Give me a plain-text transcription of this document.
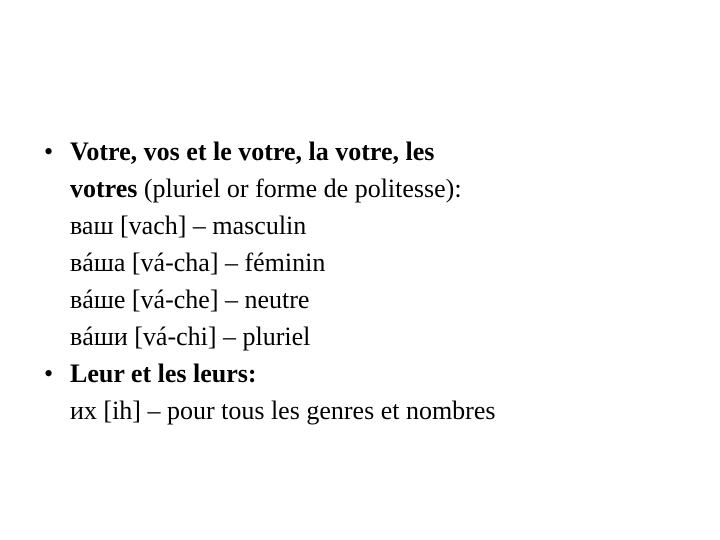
• Votre, vos et le votre, la votre, les
votres (pluriel or forme de politesse):
ваш [vach] – masculin
вáша [vá-cha] – féminin
вáше [vá-che] – neutre
вáши [vá-chi] – pluriel
• Leur et les leurs:
их [ih] – pour tous les genres et nombres
